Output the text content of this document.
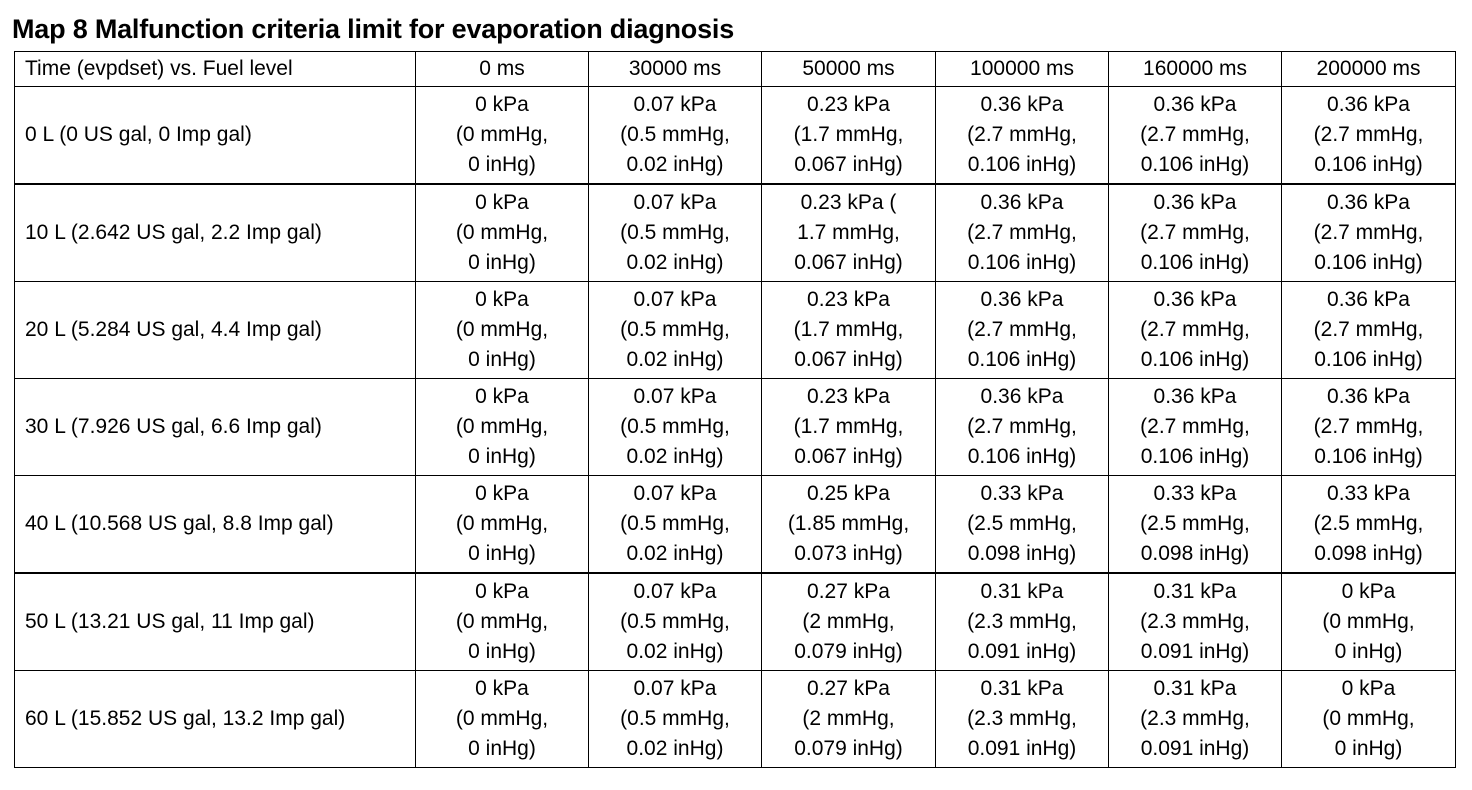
Map 8 Malfunction criteria limit for evaporation diagnosis
Time (evpdset) vs. Fuel level	0 ms	30000 ms	50000 ms	100000 ms	160000 ms	200000 ms
0 L (0 US gal, 0 Imp gal)	0 kPa
(0 mmHg,
0 inHg)	0.07 kPa
(0.5 mmHg,
0.02 inHg)	0.23 kPa
(1.7 mmHg,
0.067 inHg)	0.36 kPa
(2.7 mmHg,
0.106 inHg)	0.36 kPa
(2.7 mmHg,
0.106 inHg)	0.36 kPa
(2.7 mmHg,
0.106 inHg)

10 L (2.642 US gal, 2.2 Imp gal)	0 kPa
(0 mmHg,
0 inHg)	0.07 kPa
(0.5 mmHg,
0.02 inHg)	0.23 kPa (
1.7 mmHg,
0.067 inHg)	0.36 kPa
(2.7 mmHg,
0.106 inHg)	0.36 kPa
(2.7 mmHg,
0.106 inHg)	0.36 kPa
(2.7 mmHg,
0.106 inHg)

20 L (5.284 US gal, 4.4 Imp gal)	0 kPa
(0 mmHg,
0 inHg)	0.07 kPa
(0.5 mmHg,
0.02 inHg)	0.23 kPa
(1.7 mmHg,
0.067 inHg)	0.36 kPa
(2.7 mmHg,
0.106 inHg)	0.36 kPa
(2.7 mmHg,
0.106 inHg)	0.36 kPa
(2.7 mmHg,
0.106 inHg)

30 L (7.926 US gal, 6.6 Imp gal)	0 kPa
(0 mmHg,
0 inHg)	0.07 kPa
(0.5 mmHg,
0.02 inHg)	0.23 kPa
(1.7 mmHg,
0.067 inHg)	0.36 kPa
(2.7 mmHg,
0.106 inHg)	0.36 kPa
(2.7 mmHg,
0.106 inHg)	0.36 kPa
(2.7 mmHg,
0.106 inHg)

40 L (10.568 US gal, 8.8 Imp gal)	0 kPa
(0 mmHg,
0 inHg)	0.07 kPa
(0.5 mmHg,
0.02 inHg)	0.25 kPa
(1.85 mmHg,
0.073 inHg)	0.33 kPa
(2.5 mmHg,
0.098 inHg)	0.33 kPa
(2.5 mmHg,
0.098 inHg)	0.33 kPa
(2.5 mmHg,
0.098 inHg)

50 L (13.21 US gal, 11 Imp gal)	0 kPa
(0 mmHg,
0 inHg)	0.07 kPa
(0.5 mmHg,
0.02 inHg)	0.27 kPa
(2 mmHg,
0.079 inHg)	0.31 kPa
(2.3 mmHg,
0.091 inHg)	0.31 kPa
(2.3 mmHg,
0.091 inHg)	0 kPa
(0 mmHg,
0 inHg)

60 L (15.852 US gal, 13.2 Imp gal)	0 kPa
(0 mmHg,
0 inHg)	0.07 kPa
(0.5 mmHg,
0.02 inHg)	0.27 kPa
(2 mmHg,
0.079 inHg)	0.31 kPa
(2.3 mmHg,
0.091 inHg)	0.31 kPa
(2.3 mmHg,
0.091 inHg)	0 kPa
(0 mmHg,
0 inHg)
